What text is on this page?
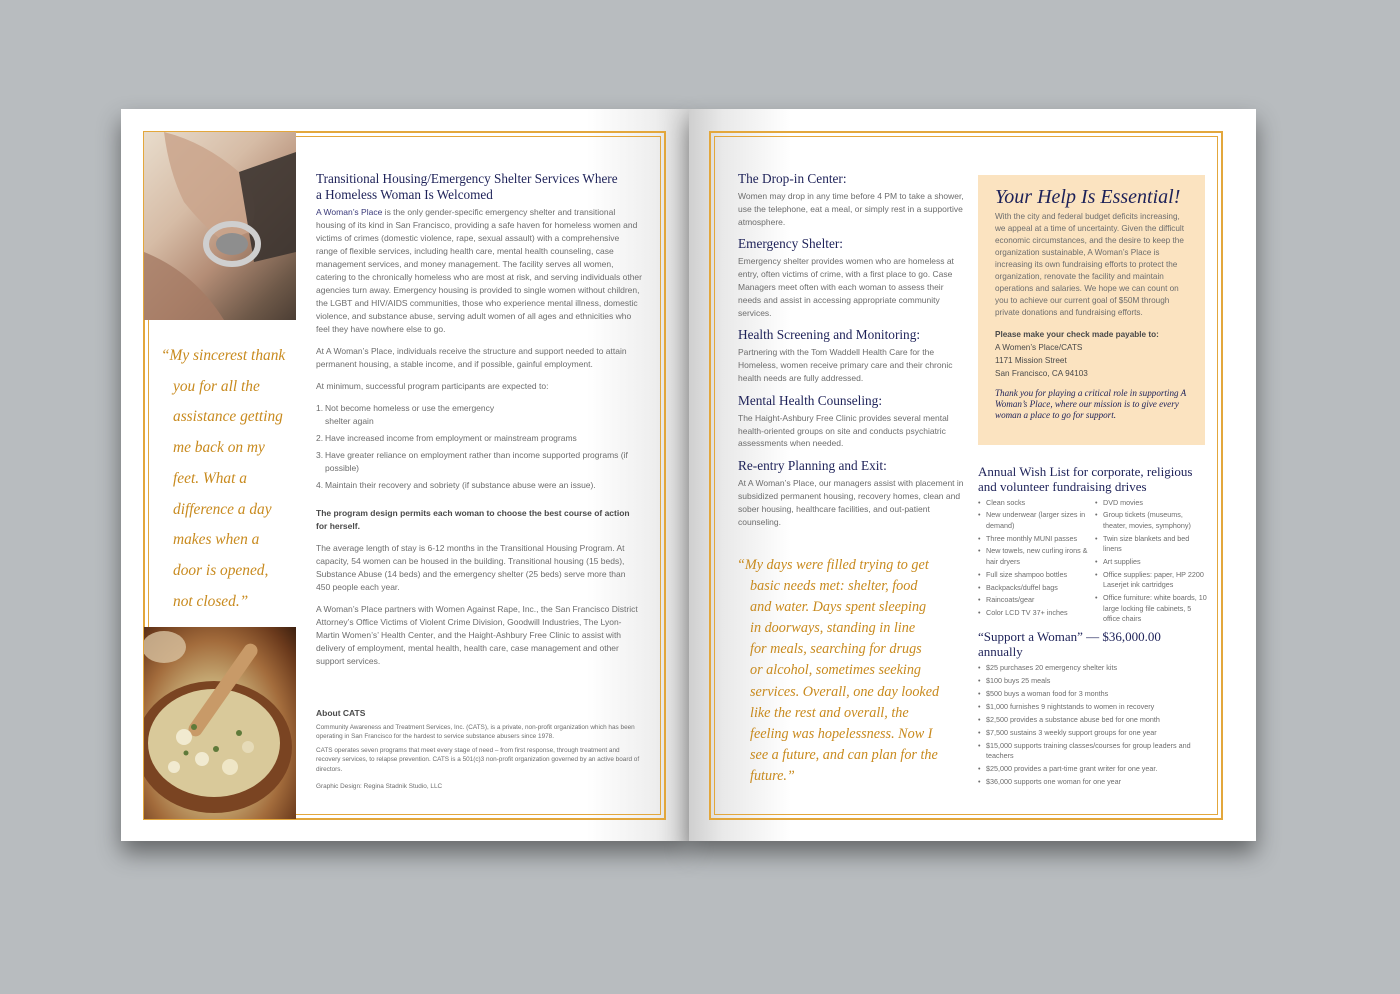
“My sincerest thank
you for all the
assistance getting
me back on my
feet. What a
difference a day
makes when a
door is opened,
not closed.”
Transitional Housing/Emergency Shelter Services Where
a Homeless Woman Is Welcomed

A Woman’s Place is the only gender-specific emergency shelter and transitional housing of its kind in San Francisco, providing a safe haven for homeless women and victims of crimes (domestic violence, rape, sexual assault) with a comprehensive range of flexible services, including health care, mental health counseling, case management services, and money management. The facility serves all women, catering to the chronically homeless who are most at risk, and serving individuals other agencies turn away. Emergency housing is provided to single women without children, the LGBT and HIV/AIDS communities, those who experience mental illness, domestic violence, and substance abuse, serving adult women of all ages and ethnicities who feel they have nowhere else to go.

At A Woman’s Place, individuals receive the structure and support needed to attain permanent housing, a stable income, and if possible, gainful employment.

At minimum, successful program participants are expected to:

1. Not become homeless or use the emergency shelter again
2. Have increased income from employment or mainstream programs
3. Have greater reliance on employment rather than income supported programs (if possible)
4. Maintain their recovery and sobriety (if substance abuse were an issue).

The program design permits each woman to choose the best course of action for herself.

The average length of stay is 6-12 months in the Transitional Housing Program. At capacity, 54 women can be housed in the building. Transitional housing (15 beds), Substance Abuse (14 beds) and the emergency shelter (25 beds) serve more than 450 people each year.

A Woman’s Place partners with Women Against Rape, Inc., the San Francisco District Attorney’s Office Victims of Violent Crime Division, Goodwill Industries, The Lyon-Martin Women’s’ Health Center, and the Haight-Ashbury Free Clinic to assist with delivery of employment, mental health, health care, case management and other support services.

About CATS

Community Awareness and Treatment Services, Inc. (CATS), is a private, non-profit organization which has been operating in San Francisco for the hardest to service substance abusers since 1978.

CATS operates seven programs that meet every stage of need – from first response, through treatment and recovery services, to relapse prevention. CATS is a 501(c)3 non-profit organization governed by an active board of directors.

Graphic Design: Regina Stadnik Studio, LLC

The Drop-in Center:

Women may drop in any time before 4 PM to take a shower, use the telephone, eat a meal, or simply rest in a supportive atmosphere.

Emergency Shelter:

Emergency shelter provides women who are homeless at entry, often victims of crime, with a first place to go. Case Managers meet often with each woman to assess their needs and assist in accessing appropriate community services.

Health Screening and Monitoring:

Partnering with the Tom Waddell Health Care for the Homeless, women receive primary care and their chronic health needs are fully addressed.

Mental Health Counseling:

The Haight-Ashbury Free Clinic provides several mental health-oriented groups on site and conducts psychiatric assessments when needed.

Re-entry Planning and Exit:

At A Woman’s Place, our managers assist with placement in subsidized permanent housing, recovery homes, clean and sober housing, healthcare facilities, and out-patient counseling.

“My days were filled trying to get
basic needs met: shelter, food
and water. Days spent sleeping
in doorways, standing in line
for meals, searching for drugs
or alcohol, sometimes seeking
services. Overall, one day looked
like the rest and overall, the
feeling was hopelessness. Now I
see a future, and can plan for the
future.”
Your Help Is Essential!

With the city and federal budget deficits increasing, we appeal at a time of uncertainty. Given the difficult economic circumstances, and the desire to keep the organization sustainable, A Woman’s Place is increasing its own fundraising efforts to protect the organization, renovate the facility and maintain operations and salaries. We hope we can count on you to achieve our current goal of $50M through private donations and fundraising efforts.

Please make your check made payable to:
A Women’s Place/CATS
1171 Mission Street
San Francisco, CA 94103

Thank you for playing a critical role in supporting A Woman’s Place, where our mission is to give every woman a place to go for support.

Annual Wish List for corporate, religious
and volunteer fundraising drives
• Clean socks
• New underwear (larger sizes in demand)
• Three monthly MUNI passes
• New towels, new curling irons & hair dryers
• Full size shampoo bottles
• Backpacks/duffel bags
• Raincoats/gear
• Color LCD TV 37+ inches
• DVD movies
• Group tickets (museums, theater, movies, symphony)
• Twin size blankets and bed linens
• Art supplies
• Office supplies: paper, HP 2200 Laserjet ink cartridges
• Office furniture: white boards, 10 large locking file cabinets, 5 office chairs
“Support a Woman” — $36,000.00
annually
• $25 purchases 20 emergency shelter kits
• $100 buys 25 meals
• $500 buys a woman food for 3 months
• $1,000 furnishes 9 nightstands to women in recovery
• $2,500 provides a substance abuse bed for one month
• $7,500 sustains 3 weekly support groups for one year
• $15,000 supports training classes/courses for group leaders and teachers
• $25,000 provides a part-time grant writer for one year.
• $36,000 supports one woman for one year
